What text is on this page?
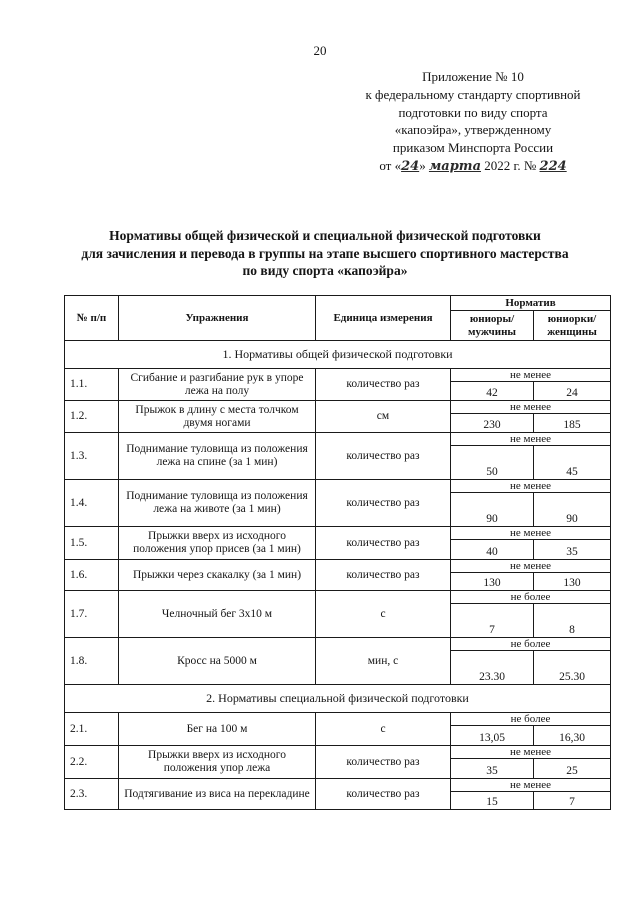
20
Приложение № 10
к федеральному стандарту спортивной
подготовки по виду спорта
«капоэйра», утвержденному
приказом Минспорта России
от «24» марта 2022 г. № 224
Нормативы общей физической и специальной физической подготовки
для зачисления и перевода в группы на этапе высшего спортивного мастерства
по виду спорта «капоэйра»
№ п/п	Упражнения	Единица измерения	Норматив	
			юниоры/ мужчины	юниорки/ женщины
1. Нормативы общей физической подготовки				
1.1.	Сгибание и разгибание рук в упоре лежа на полу	количество раз	не менее	
			42	24
1.2.	Прыжок в длину с места толчком двумя ногами	см	не менее	
			230	185
1.3.	Поднимание туловища из положения лежа на спине (за 1 мин)	количество раз	не менее	
			50	45
1.4.	Поднимание туловища из положения лежа на животе (за 1 мин)	количество раз	не менее	
			90	90
1.5.	Прыжки вверх из исходного положения упор присев (за 1 мин)	количество раз	не менее	
			40	35
1.6.	Прыжки через скакалку (за 1 мин)	количество раз	не менее	
			130	130
1.7.	Челночный бег 3х10 м	с	не более	
			7	8
1.8.	Кросс на 5000 м	мин, с	не более	
			23.30	25.30
2. Нормативы специальной физической подготовки				
2.1.	Бег на 100 м	с	не более	
			13,05	16,30
2.2.	Прыжки вверх из исходного положения упор лежа	количество раз	не менее	
			35	25
2.3.	Подтягивание из виса на перекладине	количество раз	не менее	
			15	7
